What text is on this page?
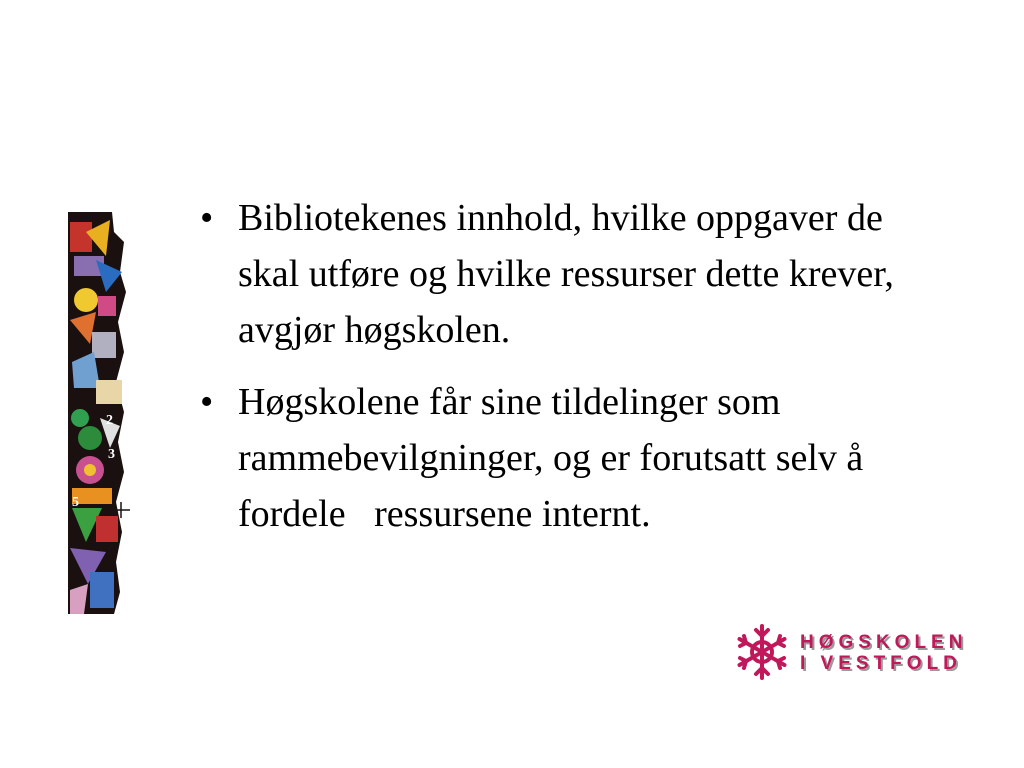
2
3
5
• Bibliotekenes innhold, hvilke oppgaver de skal utføre og hvilke ressurser dette krever, avgjør høgskolen.
• Høgskolene får sine tildelinger som rammebevilgninger, og er forutsatt selv å fordele   ressursene internt.
HØGSKOLEN
I VESTFOLD
